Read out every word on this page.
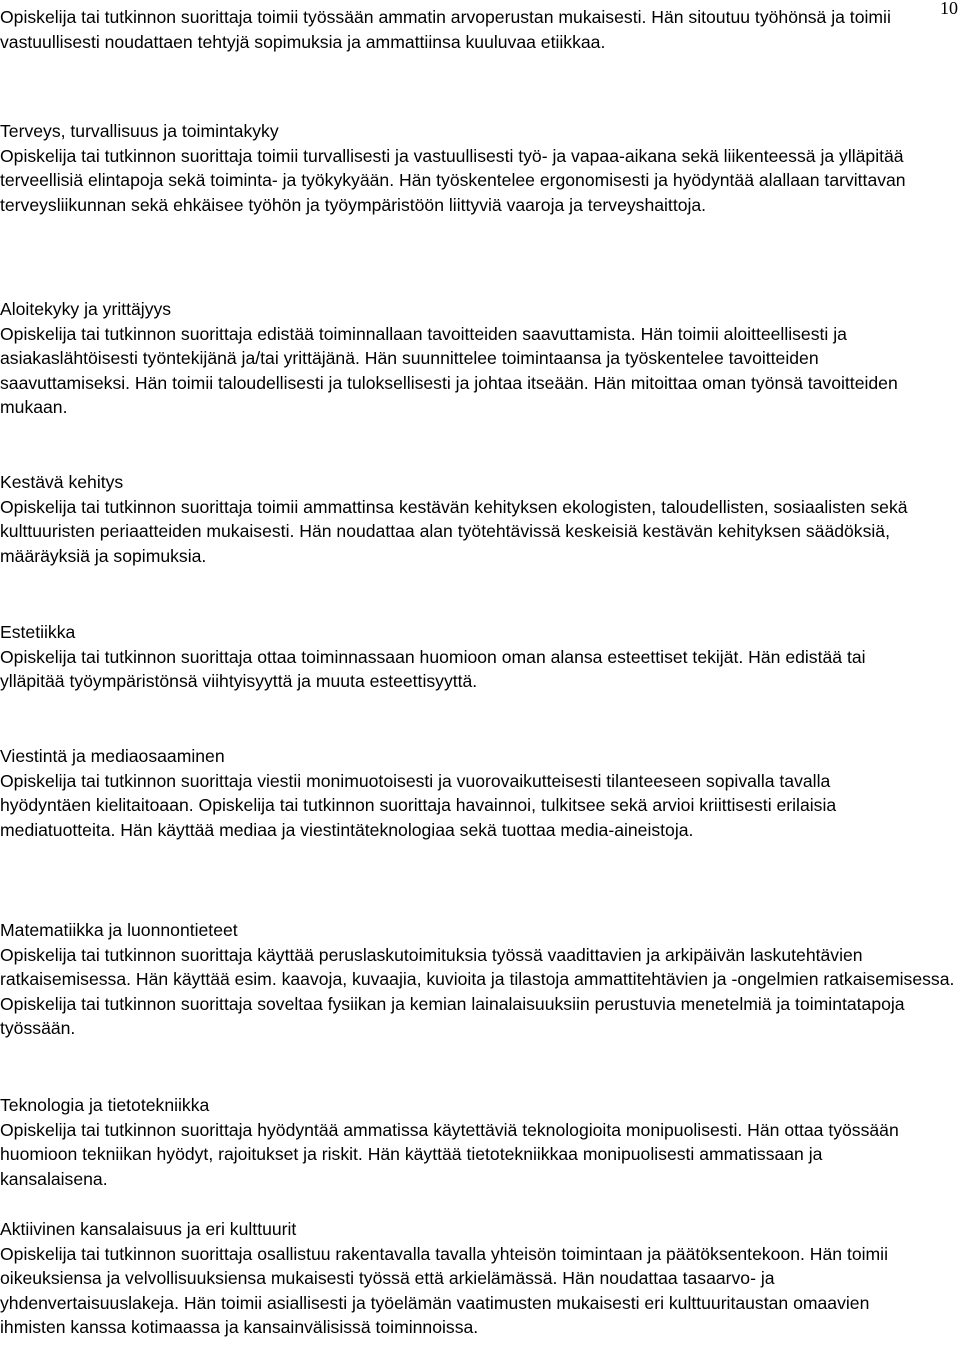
10

Opiskelija tai tutkinnon suorittaja toimii työssään ammatin arvoperustan mukaisesti. Hän sitoutuu työhönsä ja toimii vastuullisesti noudattaen tehtyjä sopimuksia ja ammattiinsa kuuluvaa etiikkaa.

Terveys, turvallisuus ja toimintakyky

Opiskelija tai tutkinnon suorittaja toimii turvallisesti ja vastuullisesti työ- ja vapaa-aikana sekä liikenteessä ja ylläpitää terveellisiä elintapoja sekä toiminta- ja työkykyään. Hän työskentelee ergonomisesti ja hyödyntää alallaan tarvittavan terveysliikunnan sekä ehkäisee työhön ja työympäristöön liittyviä vaaroja ja terveyshaittoja.

Aloitekyky ja yrittäjyys

Opiskelija tai tutkinnon suorittaja edistää toiminnallaan tavoitteiden saavuttamista. Hän toimii aloitteellisesti ja asiakaslähtöisesti työntekijänä ja/tai yrittäjänä. Hän suunnittelee toimintaansa ja työskentelee tavoitteiden saavuttamiseksi. Hän toimii taloudellisesti ja tuloksellisesti ja johtaa itseään. Hän mitoittaa oman työnsä tavoitteiden mukaan.

Kestävä kehitys

Opiskelija tai tutkinnon suorittaja toimii ammattinsa kestävän kehityksen ekologisten, taloudellisten, sosiaalisten sekä kulttuuristen periaatteiden mukaisesti. Hän noudattaa alan työtehtävissä keskeisiä kestävän kehityksen säädöksiä, määräyksiä ja sopimuksia.

Estetiikka

Opiskelija tai tutkinnon suorittaja ottaa toiminnassaan huomioon oman alansa esteettiset tekijät. Hän edistää tai ylläpitää työympäristönsä viihtyisyyttä ja muuta esteettisyyttä.

Viestintä ja mediaosaaminen

Opiskelija tai tutkinnon suorittaja viestii monimuotoisesti ja vuorovaikutteisesti tilanteeseen sopivalla tavalla hyödyntäen kielitaitoaan. Opiskelija tai tutkinnon suorittaja havainnoi, tulkitsee sekä arvioi kriittisesti erilaisia mediatuotteita. Hän käyttää mediaa ja viestintäteknologiaa sekä tuottaa media-aineistoja.

Matematiikka ja luonnontieteet

Opiskelija tai tutkinnon suorittaja käyttää peruslaskutoimituksia työssä vaadittavien ja arkipäivän laskutehtävien ratkaisemisessa. Hän käyttää esim. kaavoja, kuvaajia, kuvioita ja tilastoja ammattitehtävien ja -ongelmien ratkaisemisessa. Opiskelija tai tutkinnon suorittaja soveltaa fysiikan ja kemian lainalaisuuksiin perustuvia menetelmiä ja toimintatapoja työssään.

Teknologia ja tietotekniikka

Opiskelija tai tutkinnon suorittaja hyödyntää ammatissa käytettäviä teknologioita monipuolisesti. Hän ottaa työssään huomioon tekniikan hyödyt, rajoitukset ja riskit. Hän käyttää tietotekniikkaa monipuolisesti ammatissaan ja kansalaisena.

Aktiivinen kansalaisuus ja eri kulttuurit

Opiskelija tai tutkinnon suorittaja osallistuu rakentavalla tavalla yhteisön toimintaan ja päätöksentekoon. Hän toimii oikeuksiensa ja velvollisuuksiensa mukaisesti työssä että arkielämässä. Hän noudattaa tasaarvo- ja yhdenvertaisuuslakeja. Hän toimii asiallisesti ja työelämän vaatimusten mukaisesti eri kulttuuritaustan omaavien ihmisten kanssa kotimaassa ja kansainvälisissä toiminnoissa.
